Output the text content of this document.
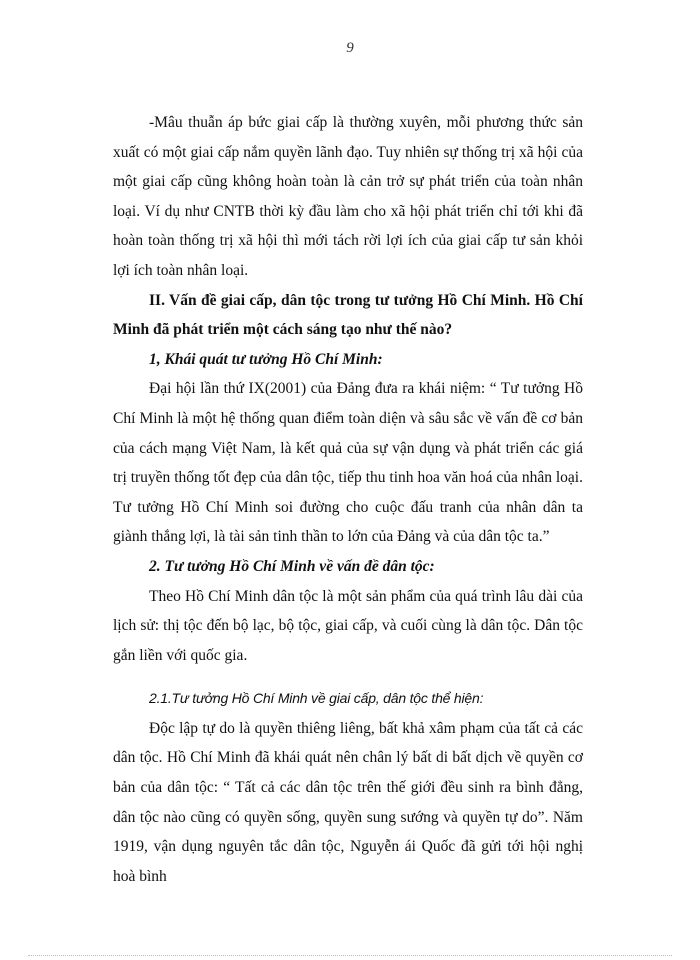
9

-Mâu thuẫn áp bức giai cấp là thường xuyên, mỗi phương thức sản xuất có một giai cấp nắm quyền lãnh đạo. Tuy nhiên sự thống trị xã hội của một giai cấp cũng không hoàn toàn là cản trở sự phát triển của toàn nhân loại. Ví dụ như CNTB thời kỳ đầu làm cho xã hội phát triển chỉ tới khi đã hoàn toàn thống trị xã hội thì mới tách rời lợi ích của giai cấp tư sản khỏi lợi ích toàn nhân loại.

II. Vấn đề giai cấp, dân tộc trong tư tưởng Hồ Chí Minh. Hồ Chí Minh đã phát triển một cách sáng tạo như thế nào?

1, Khái quát tư tưởng Hồ Chí Minh:

Đại hội lần thứ IX(2001) của Đảng đưa ra khái niệm: “ Tư tưởng Hồ Chí Minh là một hệ thống quan điểm toàn diện và sâu sắc về vấn đề cơ bản của cách mạng Việt Nam, là kết quả của sự vận dụng và phát triển các giá trị truyền thống tốt đẹp của dân tộc, tiếp thu tinh hoa văn hoá của nhân loại. Tư tưởng Hồ Chí Minh soi đường cho cuộc đấu tranh của nhân dân ta giành thắng lợi, là tài sản tinh thần to lớn của Đảng và của dân tộc ta.”

2. Tư tưởng Hồ Chí Minh về vấn đề dân tộc:

Theo Hồ Chí Minh dân tộc là một sản phẩm của quá trình lâu dài của lịch sử: thị tộc đến bộ lạc, bộ tộc, giai cấp, và cuối cùng là dân tộc. Dân tộc gắn liền với quốc gia.

2.1.Tư tưởng Hồ Chí Minh về giai cấp, dân tộc thể hiện:

Độc lập tự do là quyền thiêng liêng, bất khả xâm phạm của tất cả các dân tộc. Hồ Chí Minh đã khái quát nên chân lý bất di bất dịch về quyền cơ bản của dân tộc: “ Tất cả các dân tộc trên thế giới đều sinh ra bình đẳng, dân tộc nào cũng có quyền sống, quyền sung sướng và quyền tự do”. Năm 1919, vận dụng nguyên tắc dân tộc, Nguyễn ái Quốc đã gửi tới hội nghị hoà bình
